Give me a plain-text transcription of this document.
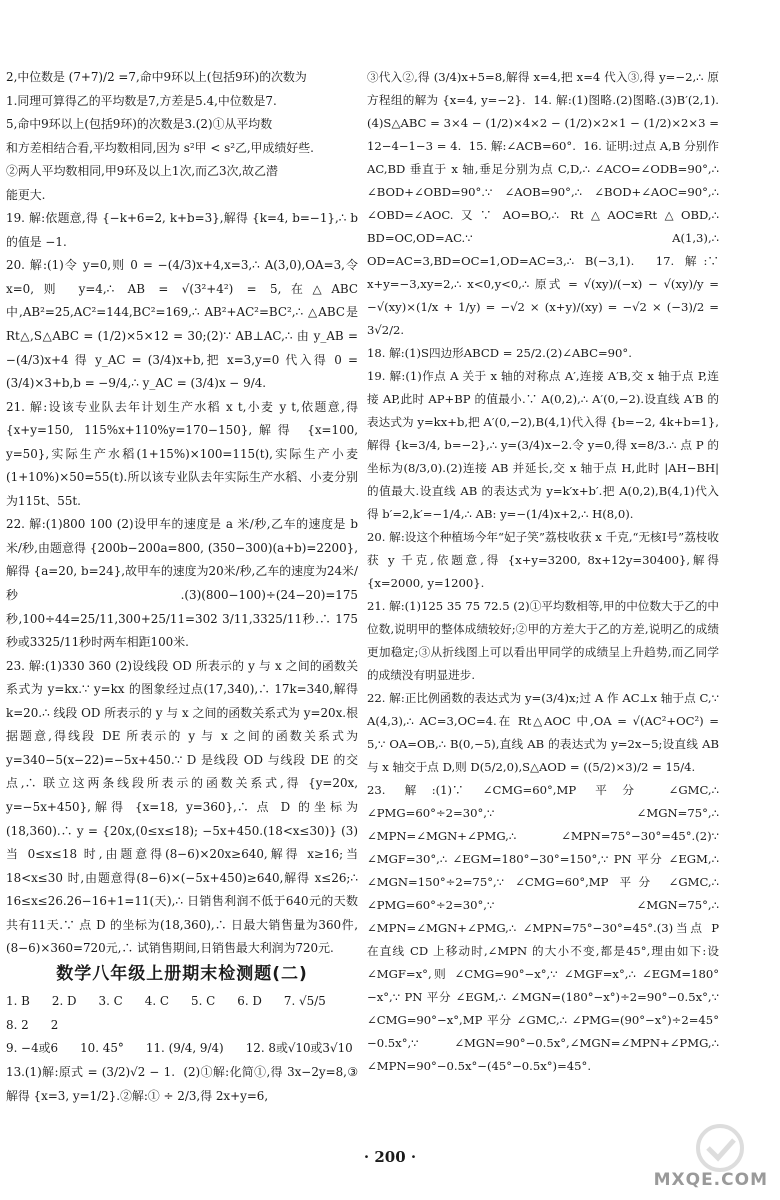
2,中位数是 (7+7)/2 =7,命中9环以上(包括9环)的次数为

1.同理可算得乙的平均数是7,方差是5.4,中位数是7.

5,命中9环以上(包括9环)的次数是3.(2)①从平均数

和方差相结合看,平均数相同,因为 s²甲 < s²乙,甲成绩好些.

②两人平均数相同,甲9环及以上1次,而乙3次,故乙潜

能更大.

19. 解:依题意,得 {−k+6=2, k+b=3},解得 {k=4, b=−1},∴ b 的值是 −1.

20. 解:(1)令 y=0,则 0 = −(4/3)x+4,x=3,∴ A(3,0),OA=3,令 x=0,则 y=4,∴ AB = √(3²+4²) = 5,在△ABC中,AB²=25,AC²=144,BC²=169,∴ AB²+AC²=BC²,∴ △ABC是Rt△,S△ABC = (1/2)×5×12 = 30;(2)∵ AB⊥AC,∴ 由 y_AB = −(4/3)x+4 得 y_AC = (3/4)x+b,把 x=3,y=0 代入得 0 = (3/4)×3+b,b = −9/4,∴ y_AC = (3/4)x − 9/4.

21. 解:设该专业队去年计划生产水稻 x t,小麦 y t,依题意,得 {x+y=150, 115%x+110%y=170−150},解得 {x=100, y=50},实际生产水稻(1+15%)×100=115(t),实际生产小麦(1+10%)×50=55(t).所以该专业队去年实际生产水稻、小麦分别为115t、55t.

22. 解:(1)800 100 (2)设甲车的速度是 a 米/秒,乙车的速度是 b 米/秒,由题意得 {200b−200a=800, (350−300)(a+b)=2200},解得 {a=20, b=24},故甲车的速度为20米/秒,乙车的速度为24米/秒.(3)(800−100)÷(24−20)=175秒,100÷44=25/11,300+25/11=302 3/11,3325/11秒.∴ 175秒或3325/11秒时两车相距100米.

23. 解:(1)330 360 (2)设线段 OD 所表示的 y 与 x 之间的函数关系式为 y=kx.∵ y=kx 的图象经过点(17,340),∴ 17k=340,解得 k=20.∴ 线段 OD 所表示的 y 与 x 之间的函数关系式为 y=20x.根据题意,得线段 DE 所表示的 y 与 x 之间的函数关系式为 y=340−5(x−22)=−5x+450.∵ D 是线段 OD 与线段 DE 的交点,∴ 联立这两条线段所表示的函数关系式,得 {y=20x, y=−5x+450},解得 {x=18, y=360},∴ 点 D 的坐标为(18,360).∴ y = {20x,(0≤x≤18); −5x+450.(18<x≤30)} (3)当 0≤x≤18 时,由题意得(8−6)×20x≥640,解得 x≥16;当 18<x≤30 时,由题意得(8−6)×(−5x+450)≥640,解得 x≤26;∴ 16≤x≤26.26−16+1=11(天),∴ 日销售利润不低于640元的天数共有11天.∵ 点 D 的坐标为(18,360),∴ 日最大销售量为360件,(8−6)×360=720元,∴ 试销售期间,日销售最大利润为720元.

数学八年级上册期末检测题(二)
1. B 2. D 3. C 4. C 5. C 6. D 7. √5/5
8. 2 2
9. −4或6 10. 45° 11. (9/4, 9/4) 12. 8或√10或3√10

13.(1)解:原式 = (3/2)√2 − 1.  (2)①解:化简①,得 3x−2y=8,③解得 {x=3, y=1/2}.②解:① ÷ 2/3,得 2x+y=6,

③代入②,得 (3/4)x+5=8,解得 x=4,把 x=4 代入③,得 y=−2,∴ 原方程组的解为 {x=4, y=−2}.  14. 解:(1)图略.(2)图略.(3)B′(2,1).(4)S△ABC = 3×4 − (1/2)×4×2 − (1/2)×2×1 − (1/2)×2×3 = 12−4−1−3 = 4.  15. 解:∠ACB=60°.  16. 证明:过点 A,B 分别作 AC,BD 垂直于 x 轴,垂足分别为点 C,D,∴ ∠ACO=∠ODB=90°,∴ ∠BOD+∠OBD=90°.∵ ∠AOB=90°,∴ ∠BOD+∠AOC=90°,∴ ∠OBD=∠AOC.又∵ AO=BO,∴ Rt△AOC≌Rt△OBD,∴ BD=OC,OD=AC.∵ A(1,3),∴ OD=AC=3,BD=OC=1,OD=AC=3,∴ B(−3,1).  17. 解:∵ x+y=−3,xy=2,∴ x<0,y<0,∴ 原式 = √(xy)/(−x) − √(xy)/y = −√(xy)×(1/x + 1/y) = −√2 × (x+y)/(xy) = −√2 × (−3)/2 = 3√2/2.

18. 解:(1)S四边形ABCD = 25/2.(2)∠ABC=90°.

19. 解:(1)作点 A 关于 x 轴的对称点 A′,连接 A′B,交 x 轴于点 P,连接 AP,此时 AP+BP 的值最小.∵ A(0,2),∴ A′(0,−2).设直线 A′B 的表达式为 y=kx+b,把 A′(0,−2),B(4,1)代入得 {b=−2, 4k+b=1},解得 {k=3/4, b=−2},∴ y=(3/4)x−2.令 y=0,得 x=8/3.∴ 点 P 的坐标为(8/3,0).(2)连接 AB 并延长,交 x 轴于点 H,此时 |AH−BH| 的值最大.设直线 AB 的表达式为 y=k′x+b′.把 A(0,2),B(4,1)代入得 b′=2,k′=−1/4,∴ AB: y=−(1/4)x+2,∴ H(8,0).

20. 解:设这个种植场今年“妃子笑”荔枝收获 x 千克,“无核Ⅰ号”荔枝收获 y 千克,依题意,得 {x+y=3200, 8x+12y=30400},解得 {x=2000, y=1200}.

21. 解:(1)125 35 75 72.5 (2)①平均数相等,甲的中位数大于乙的中位数,说明甲的整体成绩较好;②甲的方差大于乙的方差,说明乙的成绩更加稳定;③从折线图上可以看出甲同学的成绩呈上升趋势,而乙同学的成绩没有明显进步.

22. 解:正比例函数的表达式为 y=(3/4)x;过 A 作 AC⊥x 轴于点 C,∵ A(4,3),∴ AC=3,OC=4.在 Rt△AOC 中,OA = √(AC²+OC²) = 5,∵ OA=OB,∴ B(0,−5),直线 AB 的表达式为 y=2x−5;设直线 AB 与 x 轴交于点 D,则 D(5/2,0),S△AOD = ((5/2)×3)/2 = 15/4.

23. 解:(1)∵ ∠CMG=60°,MP 平分 ∠GMC,∴ ∠PMG=60°÷2=30°,∵ ∠MGN=75°,∴ ∠MPN=∠MGN+∠PMG,∴ ∠MPN=75°−30°=45°.(2)∵ ∠MGF=30°,∴ ∠EGM=180°−30°=150°,∵ PN 平分 ∠EGM,∴ ∠MGN=150°÷2=75°,∵ ∠CMG=60°,MP 平分 ∠GMC,∴ ∠PMG=60°÷2=30°,∵ ∠MGN=75°,∴ ∠MPN=∠MGN+∠PMG,∴ ∠MPN=75°−30°=45°.(3)当点 P 在直线 CD 上移动时,∠MPN 的大小不变,都是45°,理由如下:设 ∠MGF=x°,则 ∠CMG=90°−x°,∵ ∠MGF=x°,∴ ∠EGM=180°−x°,∵ PN 平分 ∠EGM,∴ ∠MGN=(180°−x°)÷2=90°−0.5x°,∵ ∠CMG=90°−x°,MP 平分 ∠GMC,∴ ∠PMG=(90°−x°)÷2=45°−0.5x°,∵ ∠MGN=90°−0.5x°,∠MGN=∠MPN+∠PMG,∴ ∠MPN=90°−0.5x°−(45°−0.5x°)=45°.

· 200 ·
MXQE.COM
